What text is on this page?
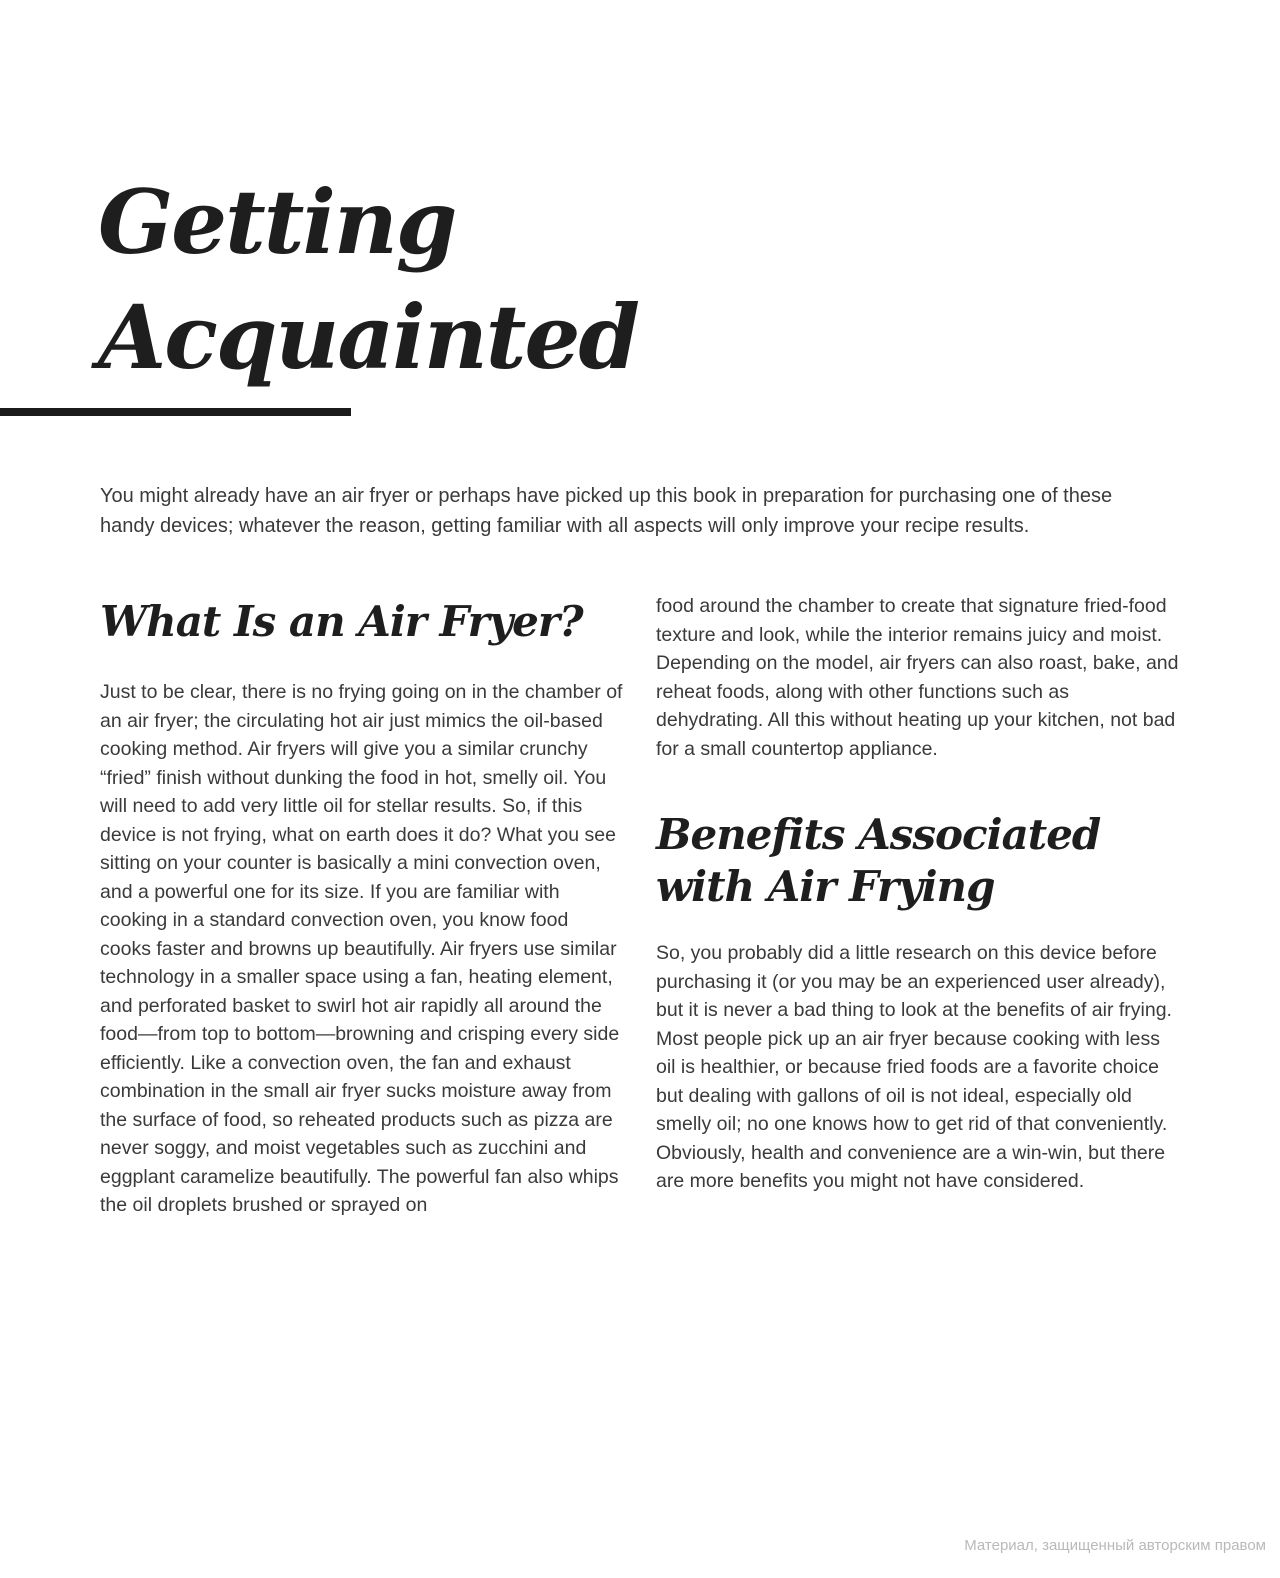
Getting
Acquainted

You might already have an air fryer or perhaps have picked up this book in preparation for purchasing one of these handy devices; whatever the reason, getting familiar with all aspects will only improve your recipe results.

What Is an Air Fryer?

Just to be clear, there is no frying going on in the chamber of an air fryer; the circulating hot air just mimics the oil-based cooking method. Air fryers will give you a similar crunchy “fried” finish without dunking the food in hot, smelly oil. You will need to add very little oil for stellar results. So, if this device is not frying, what on earth does it do? What you see sitting on your counter is basically a mini convection oven, and a powerful one for its size. If you are familiar with cooking in a standard convection oven, you know food cooks faster and browns up beautifully. Air fryers use similar technology in a smaller space using a fan, heating element, and perforated basket to swirl hot air rapidly all around the food—from top to bottom—browning and crisping every side efficiently. Like a convection oven, the fan and exhaust combination in the small air fryer sucks moisture away from the surface of food, so reheated products such as pizza are never soggy, and moist vegetables such as zucchini and eggplant caramelize beautifully. The powerful fan also whips the oil droplets brushed or sprayed on

food around the chamber to create that signature fried-food texture and look, while the interior remains juicy and moist. Depending on the model, air fryers can also roast, bake, and reheat foods, along with other functions such as dehydrating. All this without heating up your kitchen, not bad for a small countertop appliance.

Benefits Associated
with Air Frying

So, you probably did a little research on this device before purchasing it (or you may be an experienced user already), but it is never a bad thing to look at the benefits of air frying. Most people pick up an air fryer because cooking with less oil is healthier, or because fried foods are a favorite choice but dealing with gallons of oil is not ideal, especially old smelly oil; no one knows how to get rid of that conveniently. Obviously, health and convenience are a win-win, but there are more benefits you might not have considered.

Материал, защищенный авторским правом
